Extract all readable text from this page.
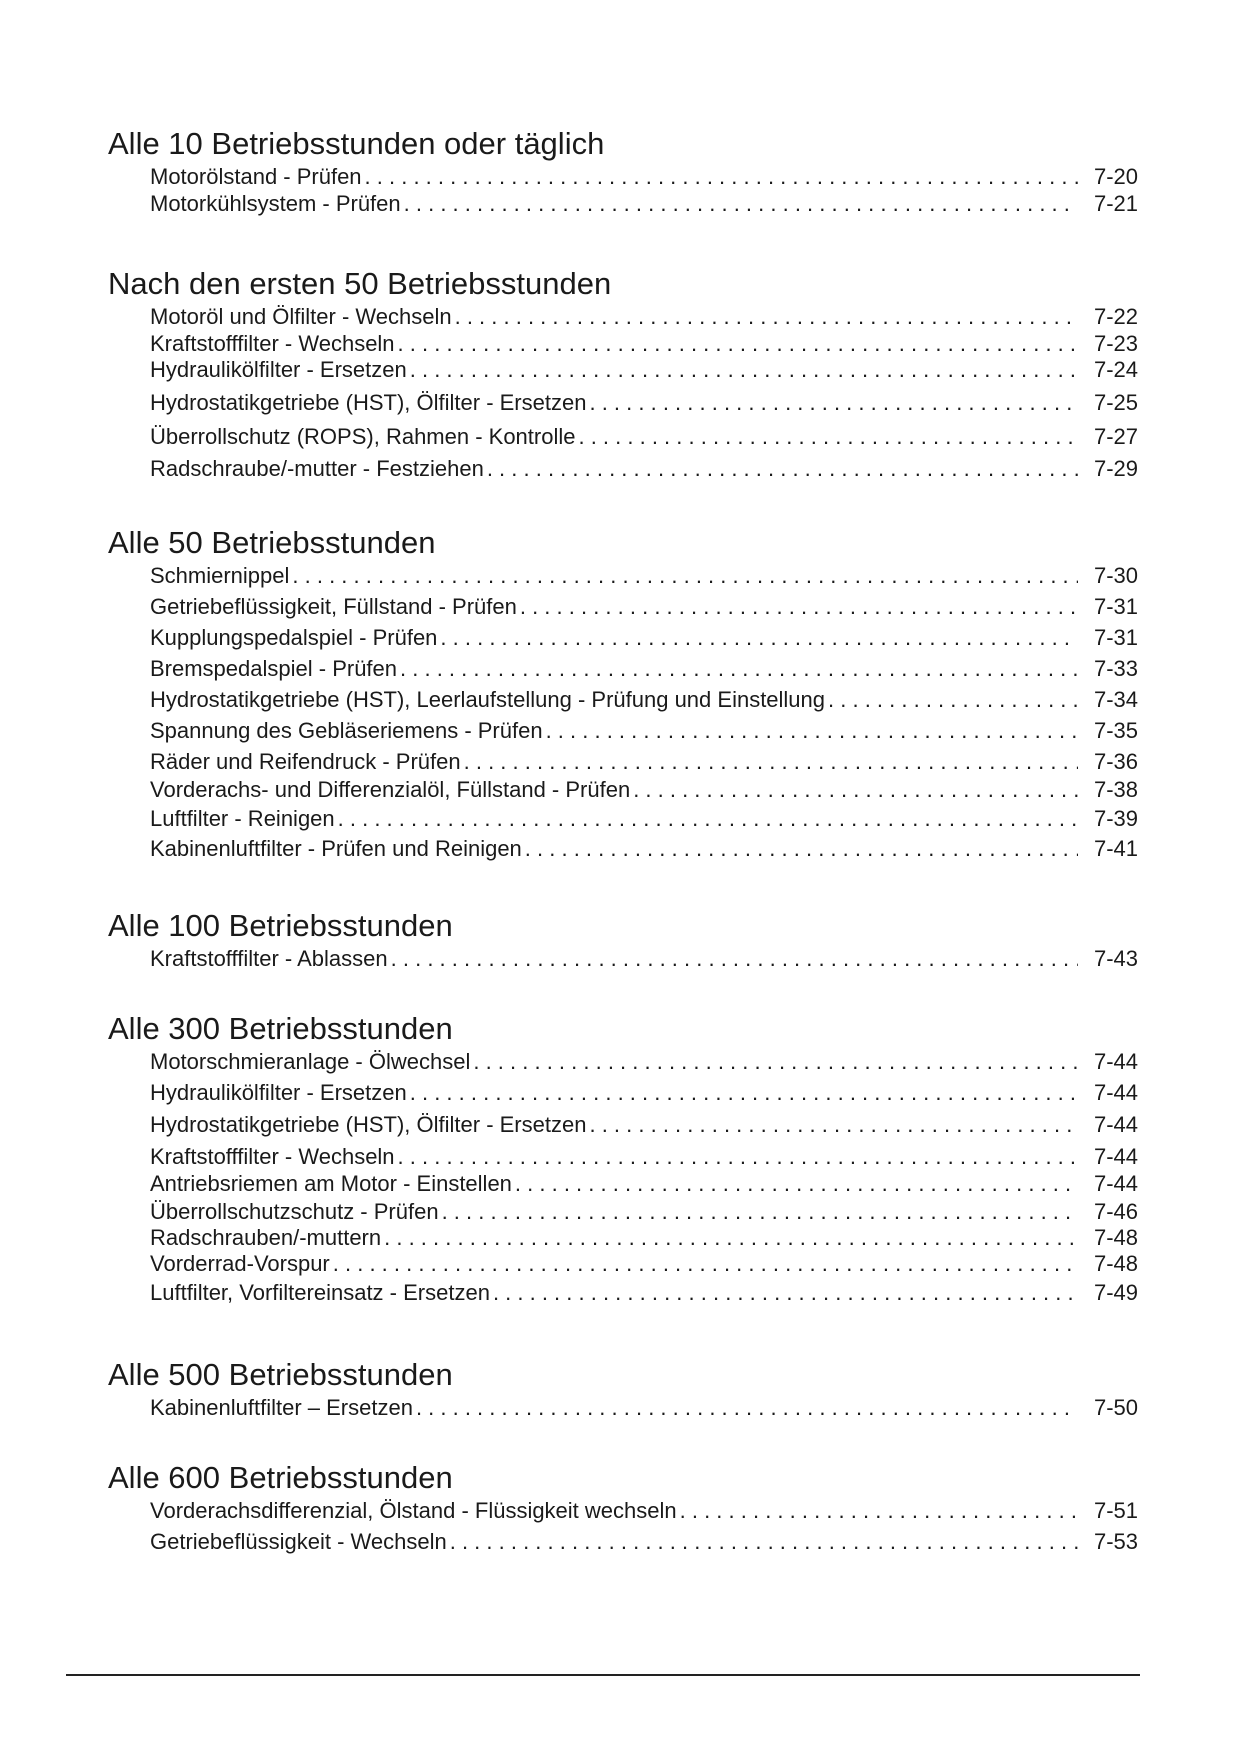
Alle 10 Betriebsstunden oder täglich
Motorölstand - Prüfen . . .	7-20
Motorkühlsystem - Prüfen . . .	7-21
Nach den ersten 50 Betriebsstunden
Motoröl und Ölfilter - Wechseln . . .	7-22
Kraftstofffilter - Wechseln . . .	7-23
Hydraulikölfilter - Ersetzen . . .	7-24
Hydrostatikgetriebe (HST), Ölfilter - Ersetzen . . .	7-25
Überrollschutz (ROPS), Rahmen - Kontrolle . . .	7-27
Radschraube/-mutter - Festziehen . . .	7-29
Alle 50 Betriebsstunden
Schmiernippel . . .	7-30
Getriebeflüssigkeit, Füllstand - Prüfen . . .	7-31
Kupplungspedalspiel - Prüfen . . .	7-31
Bremspedalspiel - Prüfen . . .	7-33
Hydrostatikgetriebe (HST), Leerlaufstellung - Prüfung und Einstellung . . .	7-34
Spannung des Gebläseriemens - Prüfen . . .	7-35
Räder und Reifendruck - Prüfen . . .	7-36
Vorderachs- und Differenzialöl, Füllstand - Prüfen . . .	7-38
Luftfilter - Reinigen . . .	7-39
Kabinenluftfilter - Prüfen und Reinigen . . .	7-41
Alle 100 Betriebsstunden
Kraftstofffilter - Ablassen . . .	7-43
Alle 300 Betriebsstunden
Motorschmieranlage - Ölwechsel . . .	7-44
Hydraulikölfilter - Ersetzen . . .	7-44
Hydrostatikgetriebe (HST), Ölfilter - Ersetzen . . .	7-44
Kraftstofffilter - Wechseln . . .	7-44
Antriebsriemen am Motor - Einstellen . . .	7-44
Überrollschutzschutz - Prüfen . . .	7-46
Radschrauben/-muttern . . .	7-48
Vorderrad-Vorspur . . .	7-48
Luftfilter, Vorfiltereinsatz - Ersetzen . . .	7-49
Alle 500 Betriebsstunden
Kabinenluftfilter – Ersetzen . . .	7-50
Alle 600 Betriebsstunden
Vorderachsdifferenzial, Ölstand - Flüssigkeit wechseln . . .	7-51
Getriebeflüssigkeit - Wechseln . . .	7-53
